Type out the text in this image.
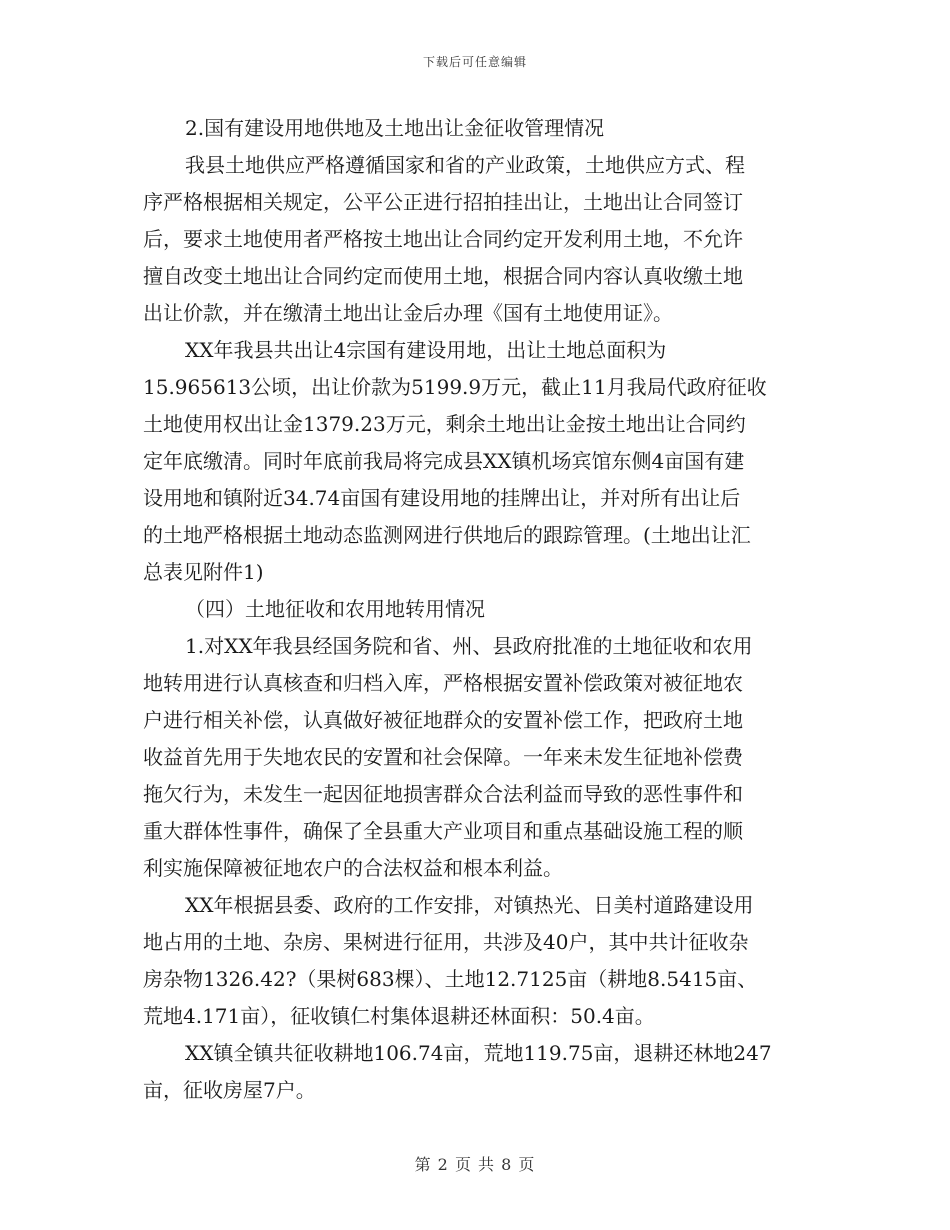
下载后可任意编辑
2.国有建设用地供地及土地出让金征收管理情况
我县土地供应严格遵循国家和省的产业政策，土地供应方式、程
序严格根据相关规定，公平公正进行招拍挂出让，土地出让合同签订
后，要求土地使用者严格按土地出让合同约定开发利用土地，不允许
擅自改变土地出让合同约定而使用土地，根据合同内容认真收缴土地
出让价款，并在缴清土地出让金后办理《国有土地使用证》。
XX年我县共出让4宗国有建设用地，出让土地总面积为
15.965613公顷，出让价款为5199.9万元，截止11月我局代政府征收
土地使用权出让金1379.23万元，剩余土地出让金按土地出让合同约
定年底缴清。同时年底前我局将完成县XX镇机场宾馆东侧4亩国有建
设用地和镇附近34.74亩国有建设用地的挂牌出让，并对所有出让后
的土地严格根据土地动态监测网进行供地后的跟踪管理。(土地出让汇
总表见附件1)
（四）土地征收和农用地转用情况
1.对XX年我县经国务院和省、州、县政府批准的土地征收和农用
地转用进行认真核查和归档入库，严格根据安置补偿政策对被征地农
户进行相关补偿，认真做好被征地群众的安置补偿工作，把政府土地
收益首先用于失地农民的安置和社会保障。一年来未发生征地补偿费
拖欠行为，未发生一起因征地损害群众合法利益而导致的恶性事件和
重大群体性事件，确保了全县重大产业项目和重点基础设施工程的顺
利实施保障被征地农户的合法权益和根本利益。
XX年根据县委、政府的工作安排，对镇热光、日美村道路建设用
地占用的土地、杂房、果树进行征用，共涉及40户，其中共计征收杂
房杂物1326.42?（果树683棵）、土地12.7125亩（耕地8.5415亩、
荒地4.171亩），征收镇仁村集体退耕还林面积：50.4亩。
XX镇全镇共征收耕地106.74亩，荒地119.75亩，退耕还林地247
亩，征收房屋7户。
第 2 页 共 8 页
